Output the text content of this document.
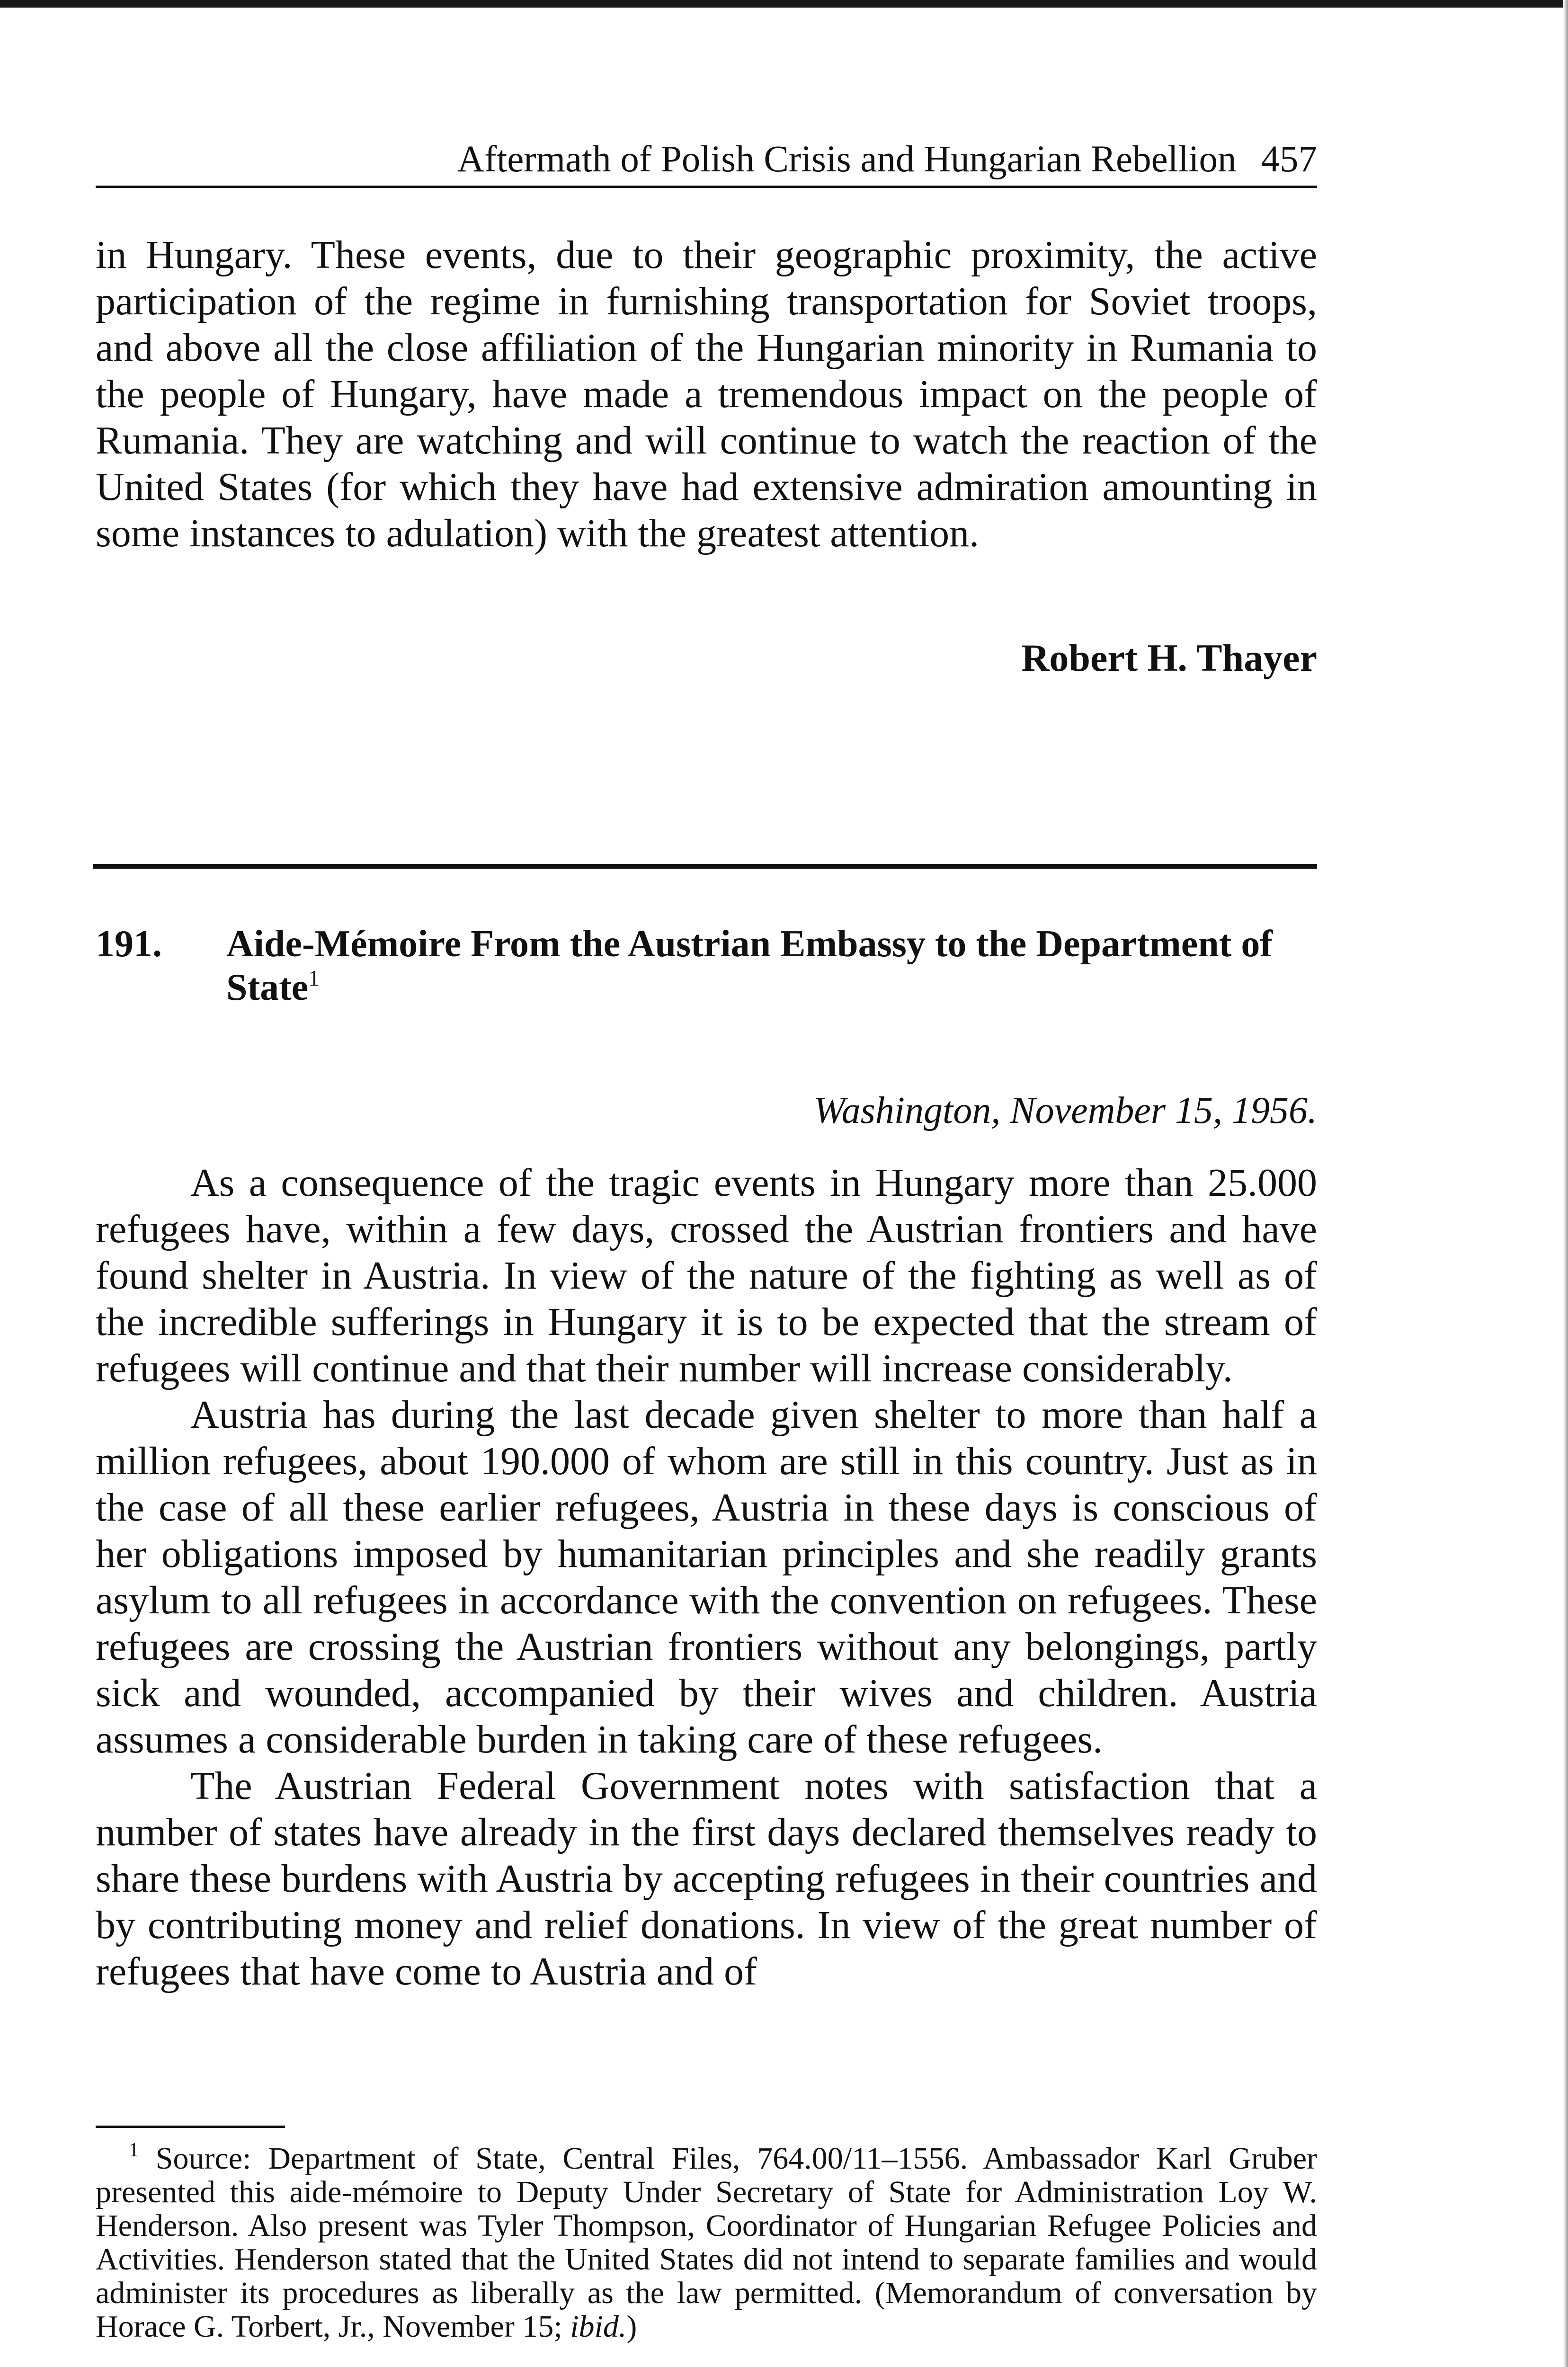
Aftermath of Polish Crisis and Hungarian Rebellion 457

in Hungary. These events, due to their geographic proximity, the active participation of the regime in furnishing transportation for Soviet troops, and above all the close affiliation of the Hungarian minority in Rumania to the people of Hungary, have made a tremendous impact on the people of Rumania. They are watching and will continue to watch the reaction of the United States (for which they have had extensive admiration amounting in some instances to adulation) with the greatest attention.

Robert H. Thayer
191. Aide-Mémoire From the Austrian Embassy to the Department of State$^1$
Washington, November 15, 1956.

As a consequence of the tragic events in Hungary more than 25.000 refugees have, within a few days, crossed the Austrian frontiers and have found shelter in Austria. In view of the nature of the fighting as well as of the incredible sufferings in Hungary it is to be expected that the stream of refugees will continue and that their number will increase considerably.

Austria has during the last decade given shelter to more than half a million refugees, about 190.000 of whom are still in this country. Just as in the case of all these earlier refugees, Austria in these days is conscious of her obligations imposed by humanitarian principles and she readily grants asylum to all refugees in accordance with the convention on refugees. These refugees are crossing the Austrian frontiers without any belongings, partly sick and wounded, accompanied by their wives and children. Austria assumes a considerable burden in taking care of these refugees.

The Austrian Federal Government notes with satisfaction that a number of states have already in the first days declared themselves ready to share these burdens with Austria by accepting refugees in their countries and by contributing money and relief donations. In view of the great number of refugees that have come to Austria and of

1 Source: Department of State, Central Files, 764.00/11–1556. Ambassador Karl Gruber presented this aide-mémoire to Deputy Under Secretary of State for Administration Loy W. Henderson. Also present was Tyler Thompson, Coordinator of Hungarian Refugee Policies and Activities. Henderson stated that the United States did not intend to separate families and would administer its procedures as liberally as the law permitted. (Memorandum of conversation by Horace G. Torbert, Jr., November 15; ibid.)
